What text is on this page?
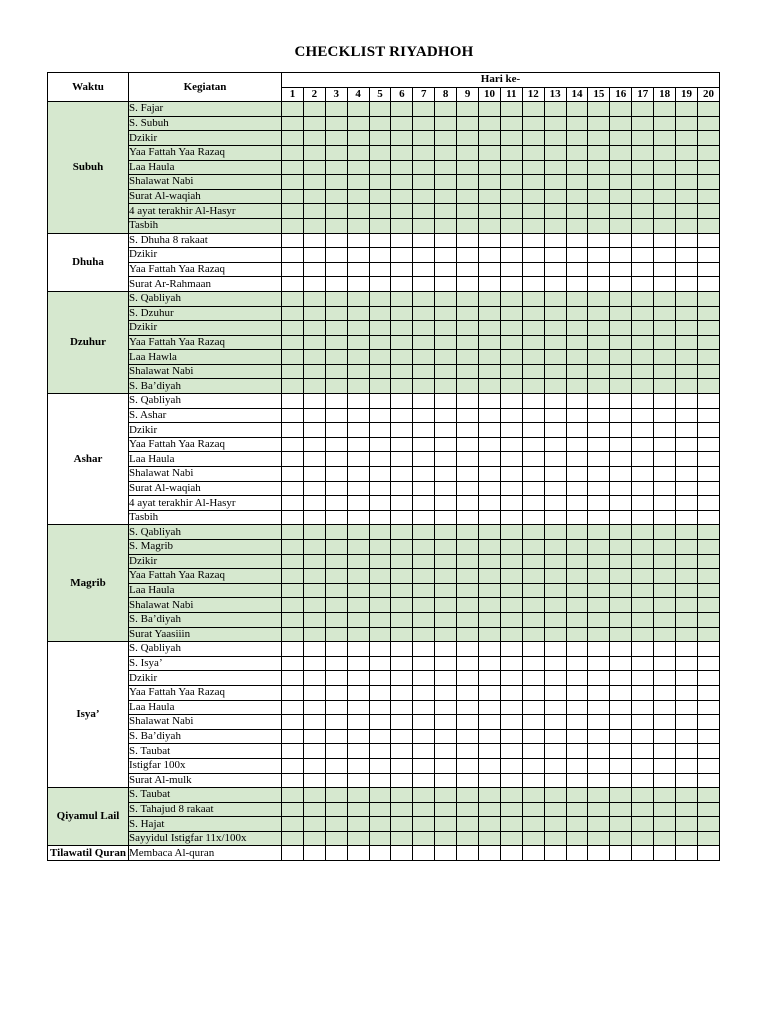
CHECKLIST RIYADHOH
Waktu	Kegiatan	Hari ke-																			
		1	2	3	4	5	6	7	8	9	10	11	12	13	14	15	16	17	18	19	20
Subuh	S. Fajar																				
	S. Subuh																				
	Dzikir																				
	Yaa Fattah Yaa Razaq																				
	Laa Haula																				
	Shalawat Nabi																				
	Surat Al-waqiah																				
	4 ayat terakhir Al-Hasyr																				
	Tasbih																				
Dhuha	S. Dhuha 8 rakaat																				
	Dzikir																				
	Yaa Fattah Yaa Razaq																				
	Surat Ar-Rahmaan																				
Dzuhur	S. Qabliyah																				
	S. Dzuhur																				
	Dzikir																				
	Yaa Fattah Yaa Razaq																				
	Laa Hawla																				
	Shalawat Nabi																				
	S. Ba’diyah																				
Ashar	S. Qabliyah																				
	S. Ashar																				
	Dzikir																				
	Yaa Fattah Yaa Razaq																				
	Laa Haula																				
	Shalawat Nabi																				
	Surat Al-waqiah																				
	4 ayat terakhir Al-Hasyr																				
	Tasbih																				
Magrib	S. Qabliyah																				
	S. Magrib																				
	Dzikir																				
	Yaa Fattah Yaa Razaq																				
	Laa Haula																				
	Shalawat Nabi																				
	S. Ba’diyah																				
	Surat Yaasiiin																				
Isya’	S. Qabliyah																				
	S. Isya’																				
	Dzikir																				
	Yaa Fattah Yaa Razaq																				
	Laa Haula																				
	Shalawat Nabi																				
	S. Ba’diyah																				
	S. Taubat																				
	Istigfar 100x																				
	Surat Al-mulk																				
Qiyamul Lail	S. Taubat																				
	S. Tahajud 8 rakaat																				
	S. Hajat																				
	Sayyidul Istigfar 11x/100x																				
Tilawatil Quran	Membaca Al-quran																				
